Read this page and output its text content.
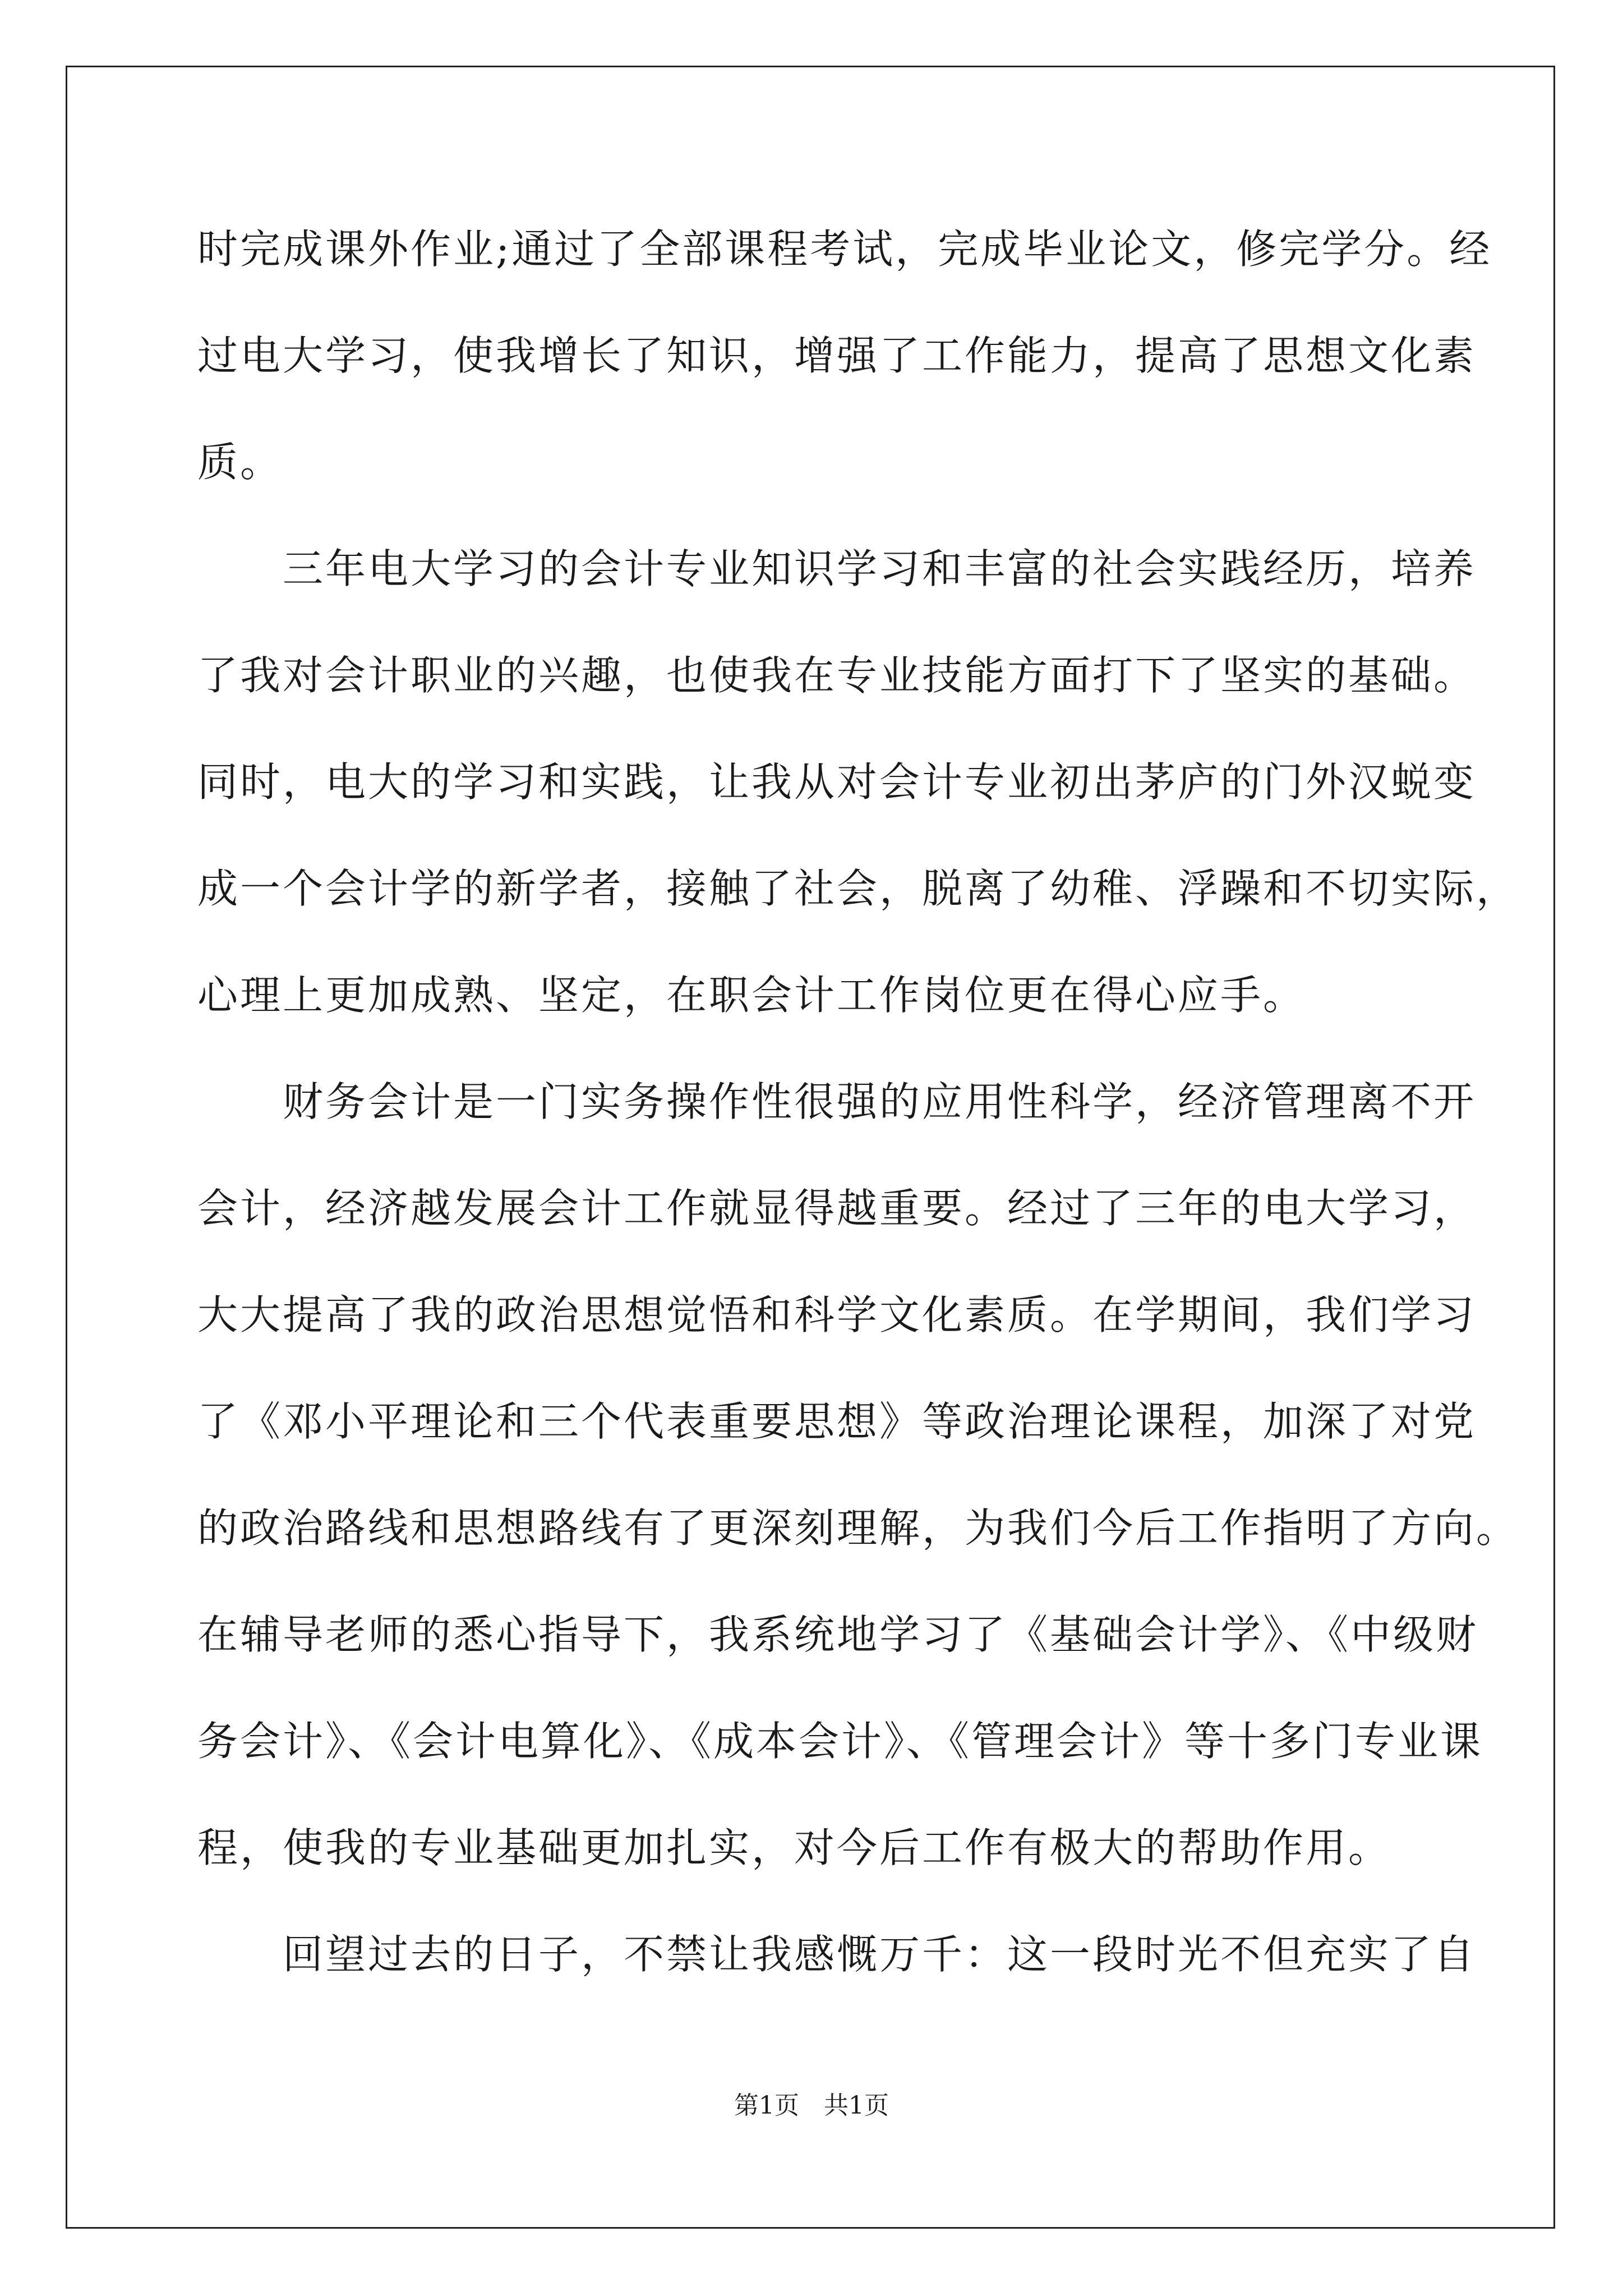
时完成课外作业;通过了全部课程考试，完成毕业论文，修完学分。经
过电大学习，使我增长了知识，增强了工作能力，提高了思想文化素
质。
　　三年电大学习的会计专业知识学习和丰富的社会实践经历，培养
了我对会计职业的兴趣，也使我在专业技能方面打下了坚实的基础。
同时，电大的学习和实践，让我从对会计专业初出茅庐的门外汉蜕变
成一个会计学的新学者，接触了社会，脱离了幼稚、浮躁和不切实际，
心理上更加成熟、坚定，在职会计工作岗位更在得心应手。
　　财务会计是一门实务操作性很强的应用性科学，经济管理离不开
会计，经济越发展会计工作就显得越重要。经过了三年的电大学习，
大大提高了我的政治思想觉悟和科学文化素质。在学期间，我们学习
了《邓小平理论和三个代表重要思想》等政治理论课程，加深了对党
的政治路线和思想路线有了更深刻理解，为我们今后工作指明了方向。
在辅导老师的悉心指导下，我系统地学习了《基础会计学》、《中级财
务会计》、《会计电算化》、《成本会计》、《管理会计》等十多门专业课
程，使我的专业基础更加扎实，对今后工作有极大的帮助作用。
　　回望过去的日子，不禁让我感慨万千：这一段时光不但充实了自
第1页　共1页
